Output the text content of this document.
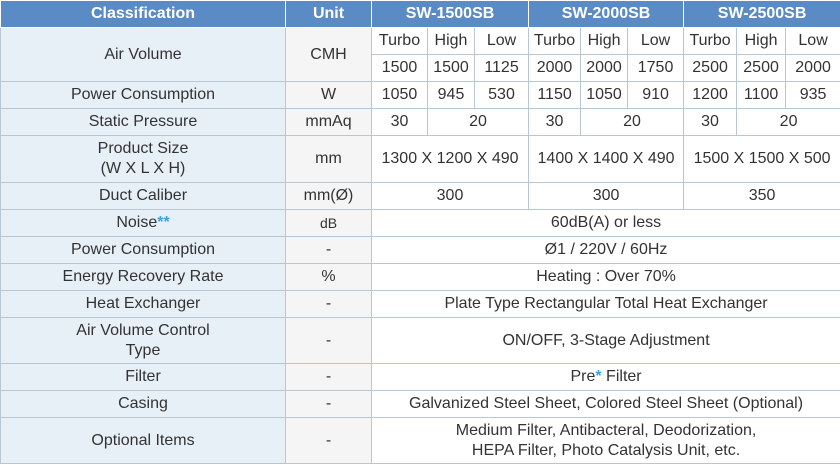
Classification	Unit	SW-1500SB			SW-2000SB			SW-2500SB		
Air Volume	CMH	Turbo	High	Low	Turbo	High	Low	Turbo	High	Low
		1500	1500	1125	2000	2000	1750	2500	2500	2000
Power Consumption	W	1050	945	530	1150	1050	910	1200	1100	935
Static Pressure	mmAq	30	20		30	20		30	20	

Product Size
(W X L X H)	mm	1300 X 1200 X 490			1400 X 1400 X 490			1500 X 1500 X 500		
Duct Caliber	mm(Ø)	300			300			350		
Noise**	dB	60dB(A) or less								
Power Consumption	-	Ø1 / 220V / 60Hz								
Energy Recovery Rate	%	Heating : Over 70%								
Heat Exchanger	-	Plate Type Rectangular Total Heat Exchanger								

Air Volume Control
Type	-	ON/OFF, 3-Stage Adjustment								
Filter	-	Pre* Filter								
Casing	-	Galvanized Steel Sheet, Colored Steel Sheet (Optional)								
Optional Items	-	Medium Filter, Antibacteral, Deodorization,
HEPA Filter, Photo Catalysis Unit, etc.								
